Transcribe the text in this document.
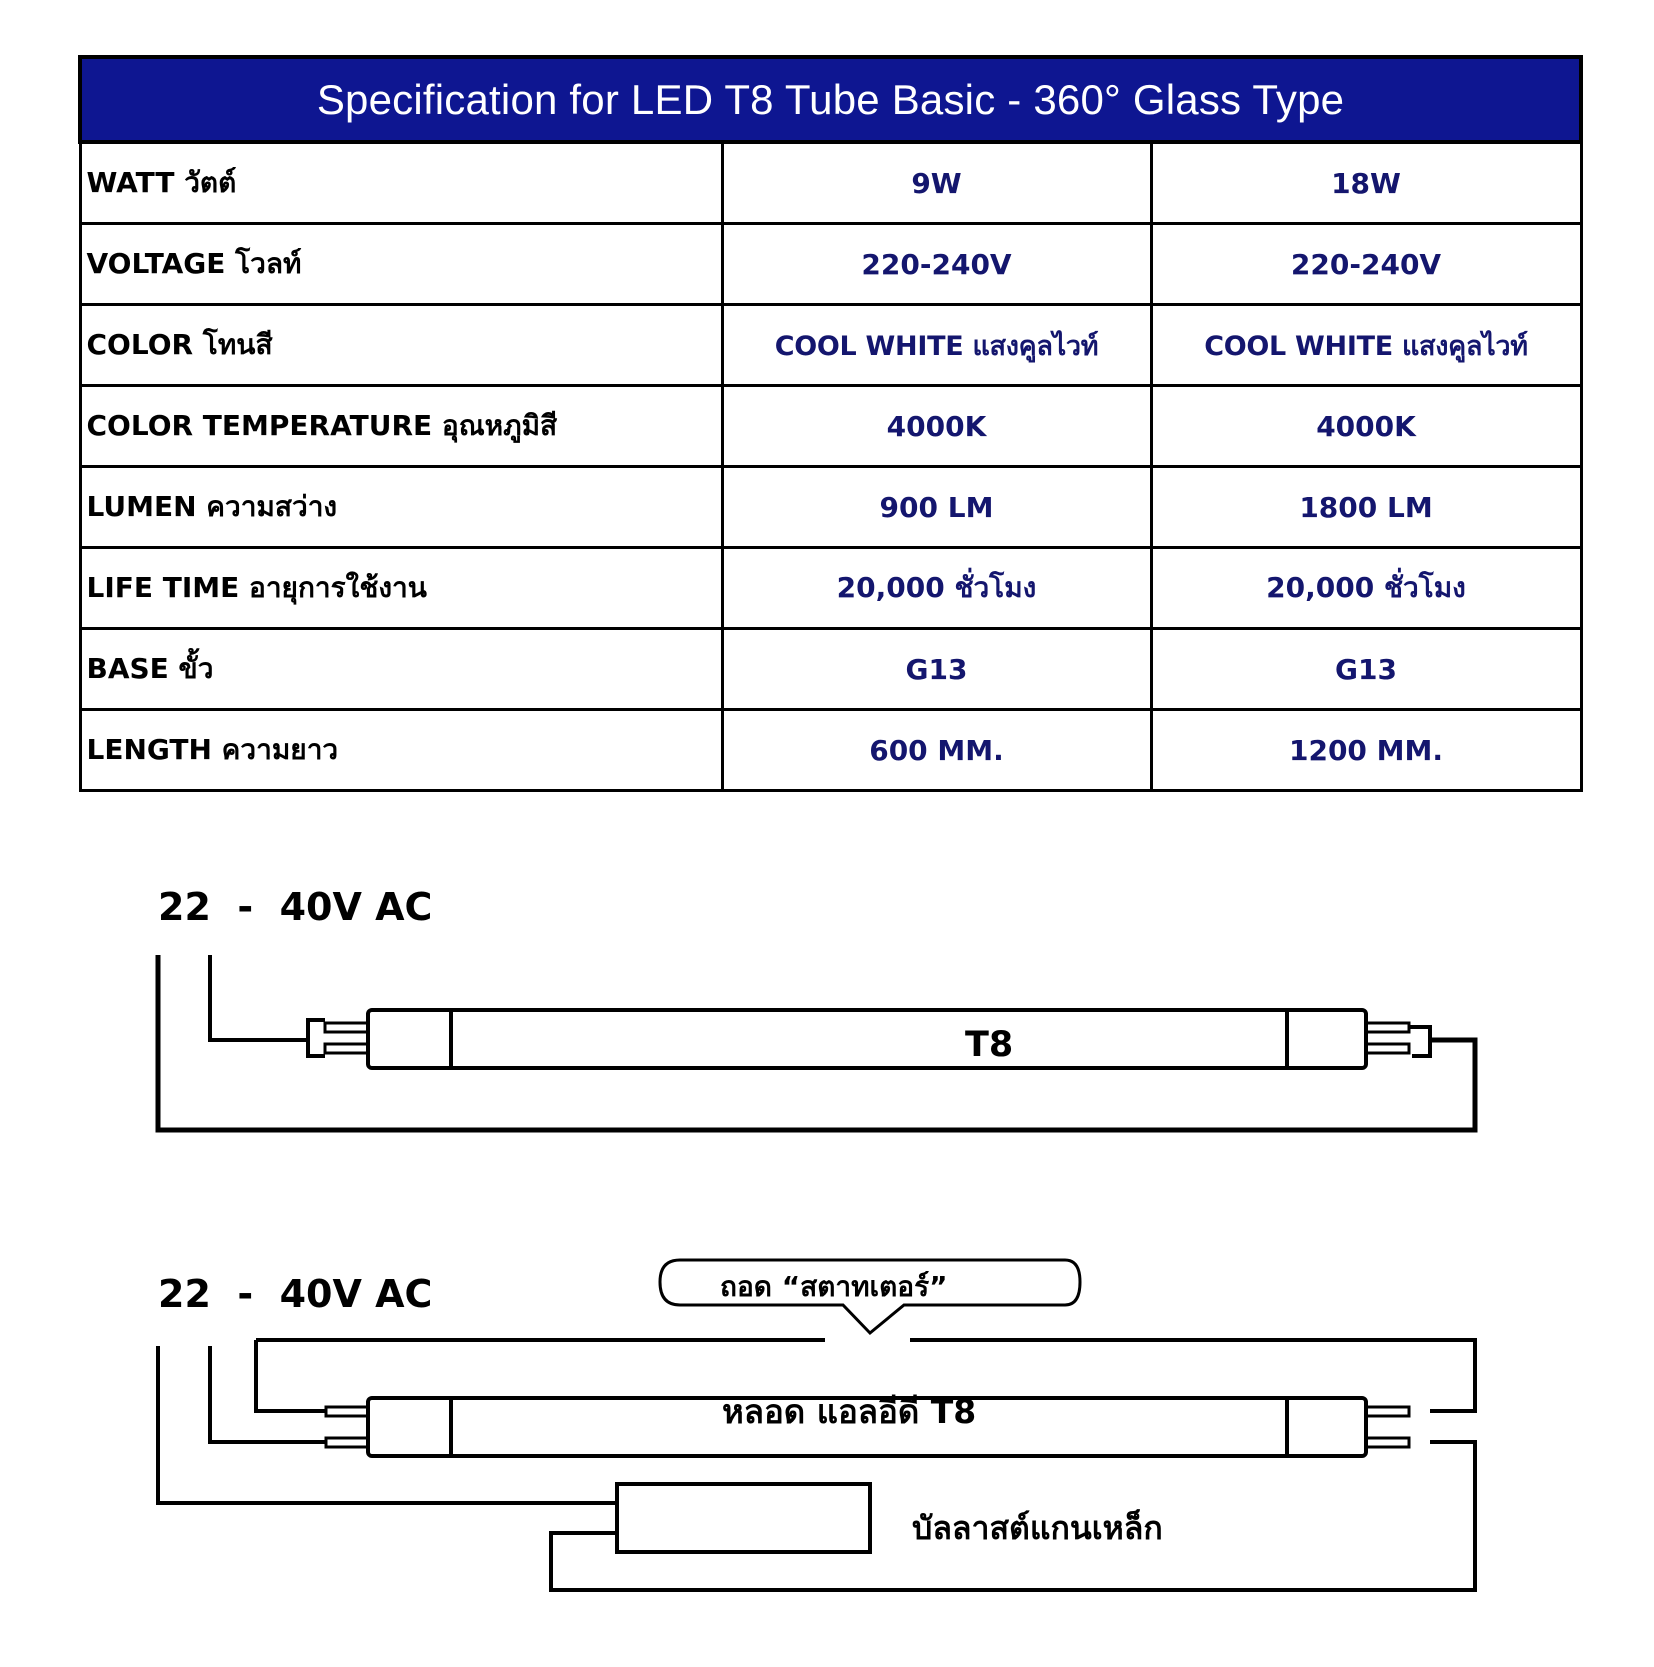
Specification for LED T8 Tube Basic - 360° Glass Type		
WATT วัตต์	9W	18W
VOLTAGE โวลท์	220-240V	220-240V
COLOR โทนสี	COOL WHITE แสงคูลไวท์	COOL WHITE แสงคูลไวท์
COLOR TEMPERATURE อุณหภูมิสี	4000K	4000K
LUMEN ความสว่าง	900 LM	1800 LM
LIFE TIME อายุการใช้งาน	20,000 ชั่วโมง	20,000 ชั่วโมง
BASE ขั้ว	G13	G13
LENGTH ความยาว	600 MM.	1200 MM.
22  -  40V AC
T8
22  -  40V AC	ถอด “สตาทเตอร์”
หลอด แอลอีดี T8
บัลลาสต์แกนเหล็ก
